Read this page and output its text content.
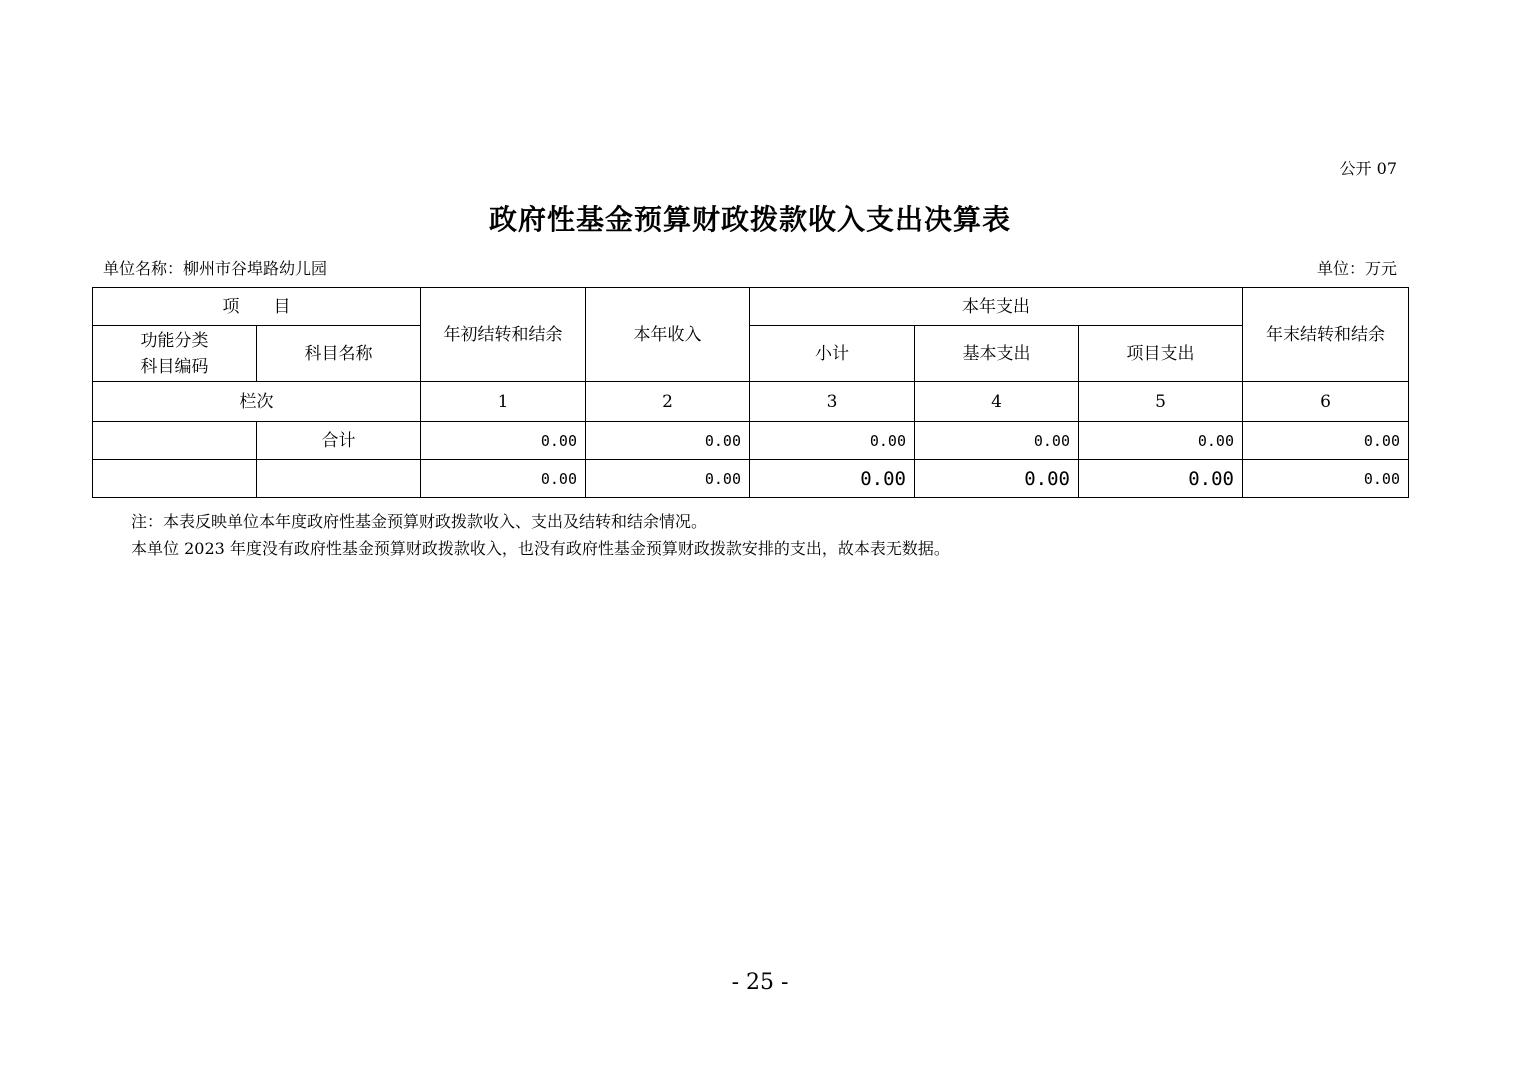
公开 07
政府性基金预算财政拨款收入支出决算表
单位名称：柳州市谷埠路幼儿园	单位：万元
项　　目		年初结转和结余	本年收入	本年支出			年末结转和结余
功能分类
科目编码	科目名称			小计	基本支出	项目支出	
栏次		1	2	3	4	5	6
	合计	0.00	0.00	0.00	0.00	0.00	0.00
		0.00	0.00	0.00	0.00	0.00	0.00
注：本表反映单位本年度政府性基金预算财政拨款收入、支出及结转和结余情况。
本单位 2023 年度没有政府性基金预算财政拨款收入，也没有政府性基金预算财政拨款安排的支出，故本表无数据。
- 25 -
